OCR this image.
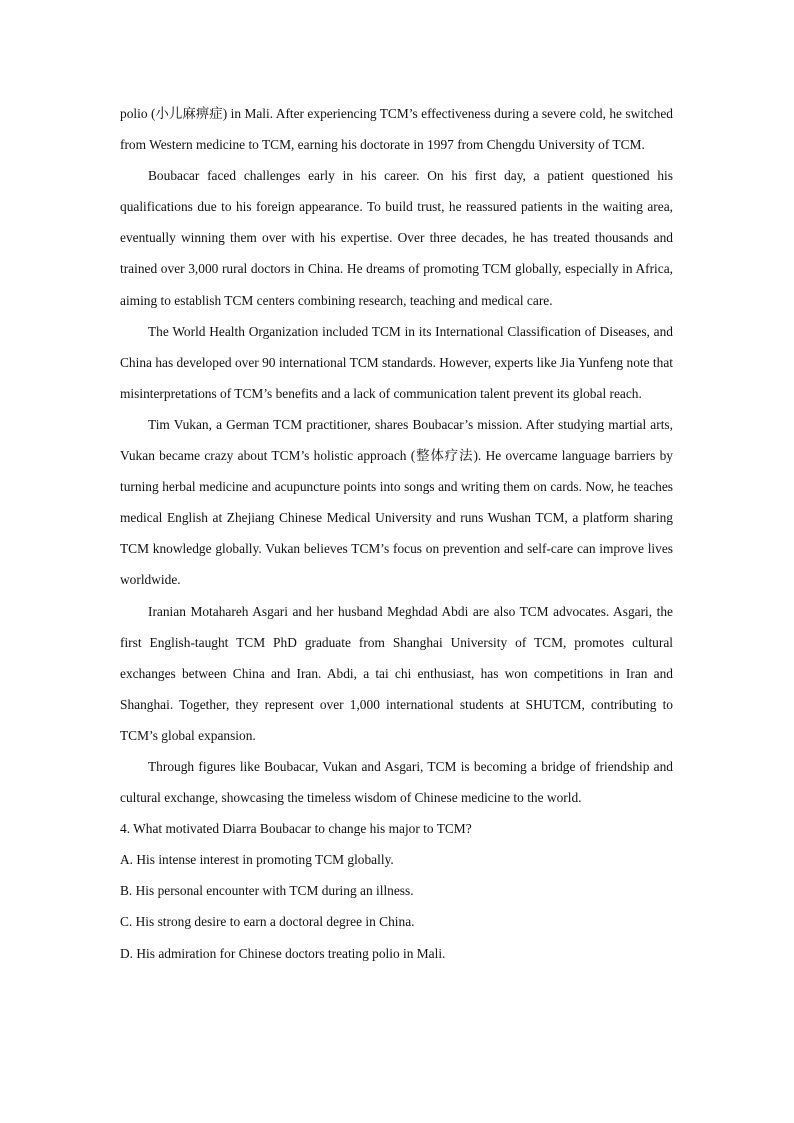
polio (小儿麻痹症) in Mali. After experiencing TCM’s effectiveness during a severe cold, he switched from Western medicine to TCM, earning his doctorate in 1997 from Chengdu University of TCM.

Boubacar faced challenges early in his career. On his first day, a patient questioned his qualifications due to his foreign appearance. To build trust, he reassured patients in the waiting area, eventually winning them over with his expertise. Over three decades, he has treated thousands and trained over 3,000 rural doctors in China. He dreams of promoting TCM globally, especially in Africa, aiming to establish TCM centers combining research, teaching and medical care.

The World Health Organization included TCM in its International Classification of Diseases, and China has developed over 90 international TCM standards. However, experts like Jia Yunfeng note that misinterpretations of TCM’s benefits and a lack of communication talent prevent its global reach.

Tim Vukan, a German TCM practitioner, shares Boubacar’s mission. After studying martial arts, Vukan became crazy about TCM’s holistic approach (整体疗法). He overcame language barriers by turning herbal medicine and acupuncture points into songs and writing them on cards. Now, he teaches medical English at Zhejiang Chinese Medical University and runs Wushan TCM, a platform sharing TCM knowledge globally. Vukan believes TCM’s focus on prevention and self-care can improve lives worldwide.

Iranian Motahareh Asgari and her husband Meghdad Abdi are also TCM advocates. Asgari, the first English-taught TCM PhD graduate from Shanghai University of TCM, promotes cultural exchanges between China and Iran. Abdi, a tai chi enthusiast, has won competitions in Iran and Shanghai. Together, they represent over 1,000 international students at SHUTCM, contributing to TCM’s global expansion.

Through figures like Boubacar, Vukan and Asgari, TCM is becoming a bridge of friendship and cultural exchange, showcasing the timeless wisdom of Chinese medicine to the world.

4. What motivated Diarra Boubacar to change his major to TCM?

A. His intense interest in promoting TCM globally.

B. His personal encounter with TCM during an illness.

C. His strong desire to earn a doctoral degree in China.

D. His admiration for Chinese doctors treating polio in Mali.
